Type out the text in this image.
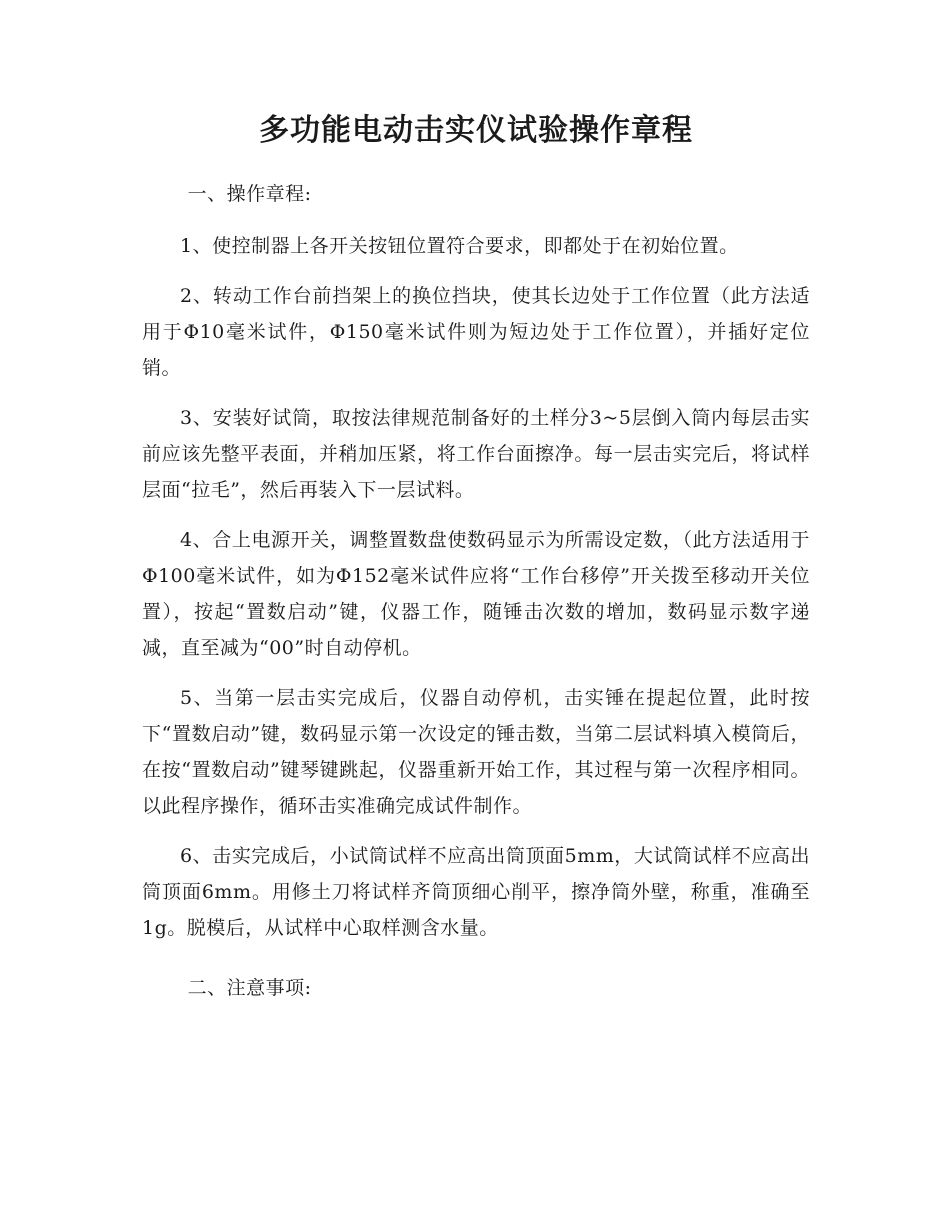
多功能电动击实仪试验操作章程

一、操作章程:

1、使控制器上各开关按钮位置符合要求，即都处于在初始位置。

2、转动工作台前挡架上的换位挡块，使其长边处于工作位置（此方法适用于Φ10毫米试件，Φ150毫米试件则为短边处于工作位置），并插好定位销。

3、安装好试筒，取按法律规范制备好的土样分3~5层倒入筒内每层击实前应该先整平表面，并稍加压紧，将工作台面擦净。每一层击实完后，将试样层面“拉毛”，然后再装入下一层试料。

4、合上电源开关，调整置数盘使数码显示为所需设定数，（此方法适用于Φ100毫米试件，如为Φ152毫米试件应将“工作台移停”开关拨至移动开关位置），按起“置数启动”键，仪器工作，随锤击次数的增加，数码显示数字递减，直至减为“00”时自动停机。

5、当第一层击实完成后，仪器自动停机，击实锤在提起位置，此时按下“置数启动”键，数码显示第一次设定的锤击数，当第二层试料填入模筒后，在按“置数启动”键琴键跳起，仪器重新开始工作，其过程与第一次程序相同。以此程序操作，循环击实准确完成试件制作。

6、击实完成后，小试筒试样不应高出筒顶面5mm，大试筒试样不应高出筒顶面6mm。用修土刀将试样齐筒顶细心削平，擦净筒外壁，称重，准确至1g。脱模后，从试样中心取样测含水量。

二、注意事项:
